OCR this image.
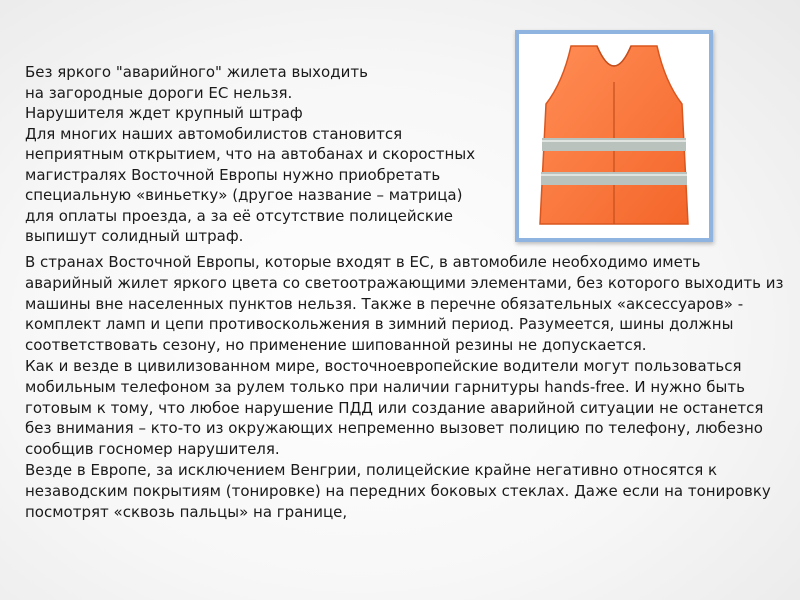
Без яркого "аварийного" жилета выходить

на загородные дороги ЕС нельзя.

Нарушителя ждет крупный штраф

Для многих наших автомобилистов становится неприятным открытием, что на автобанах и скоростных магистралях Восточной Европы нужно приобретать специальную «виньетку» (другое название – матрица) для оплаты проезда, а за её отсутствие полицейские выпишут солидный штраф.

В странах Восточной Европы, которые входят в ЕС, в автомобиле необходимо иметь аварийный жилет яркого цвета со светоотражающими элементами, без которого выходить из машины вне населенных пунктов нельзя. Также в перечне обязательных «аксессуаров» - комплект ламп и цепи противоскольжения в зимний период. Разумеется, шины должны соответствовать сезону, но применение шипованной резины не допускается.

Как и везде в цивилизованном мире, восточноевропейские водители могут пользоваться мобильным телефоном за рулем только при наличии гарнитуры hands-free. И нужно быть готовым к тому, что любое нарушение ПДД или создание аварийной ситуации не останется без внимания – кто-то из окружающих непременно вызовет полицию по телефону, любезно сообщив госномер нарушителя.

Везде в Европе, за исключением Венгрии, полицейские крайне негативно относятся к незаводским покрытиям (тонировке) на передних боковых стеклах. Даже если на тонировку посмотрят «сквозь пальцы» на границе,
